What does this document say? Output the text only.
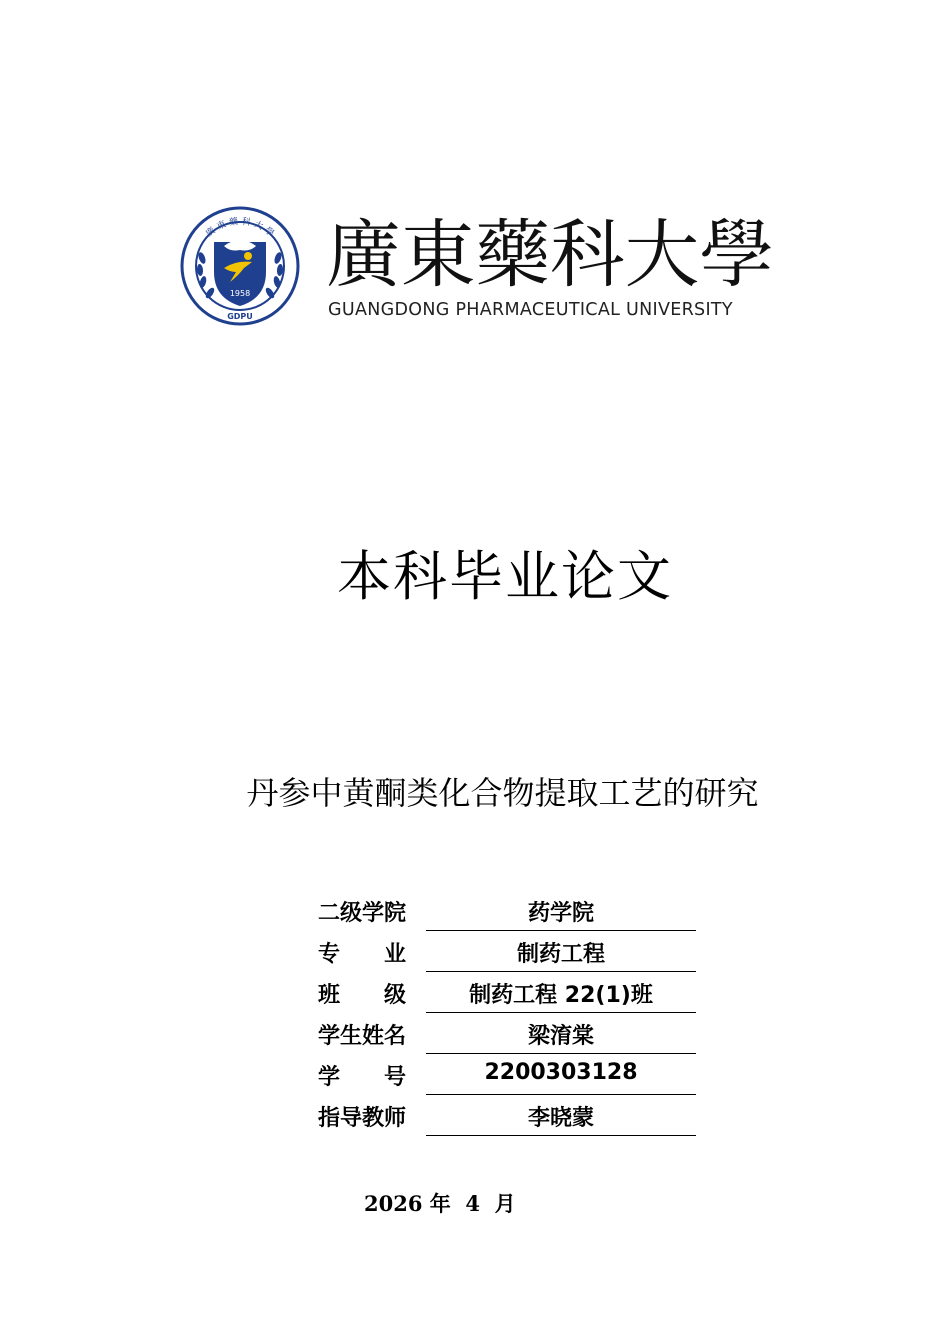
1958
GDPU
廣 東 藥 科 大 學 廣東藥科大學
GUANGDONG PHARMACEUTICAL UNIVERSITY
本科毕业论文
丹参中黄酮类化合物提取工艺的研究
二级学院	药学院
专　　业	制药工程
班　　级	制药工程 22(1)班
学生姓名	梁淯棠
学　　号	2200303128
指导教师	李晓蒙
2026 年  4  月
